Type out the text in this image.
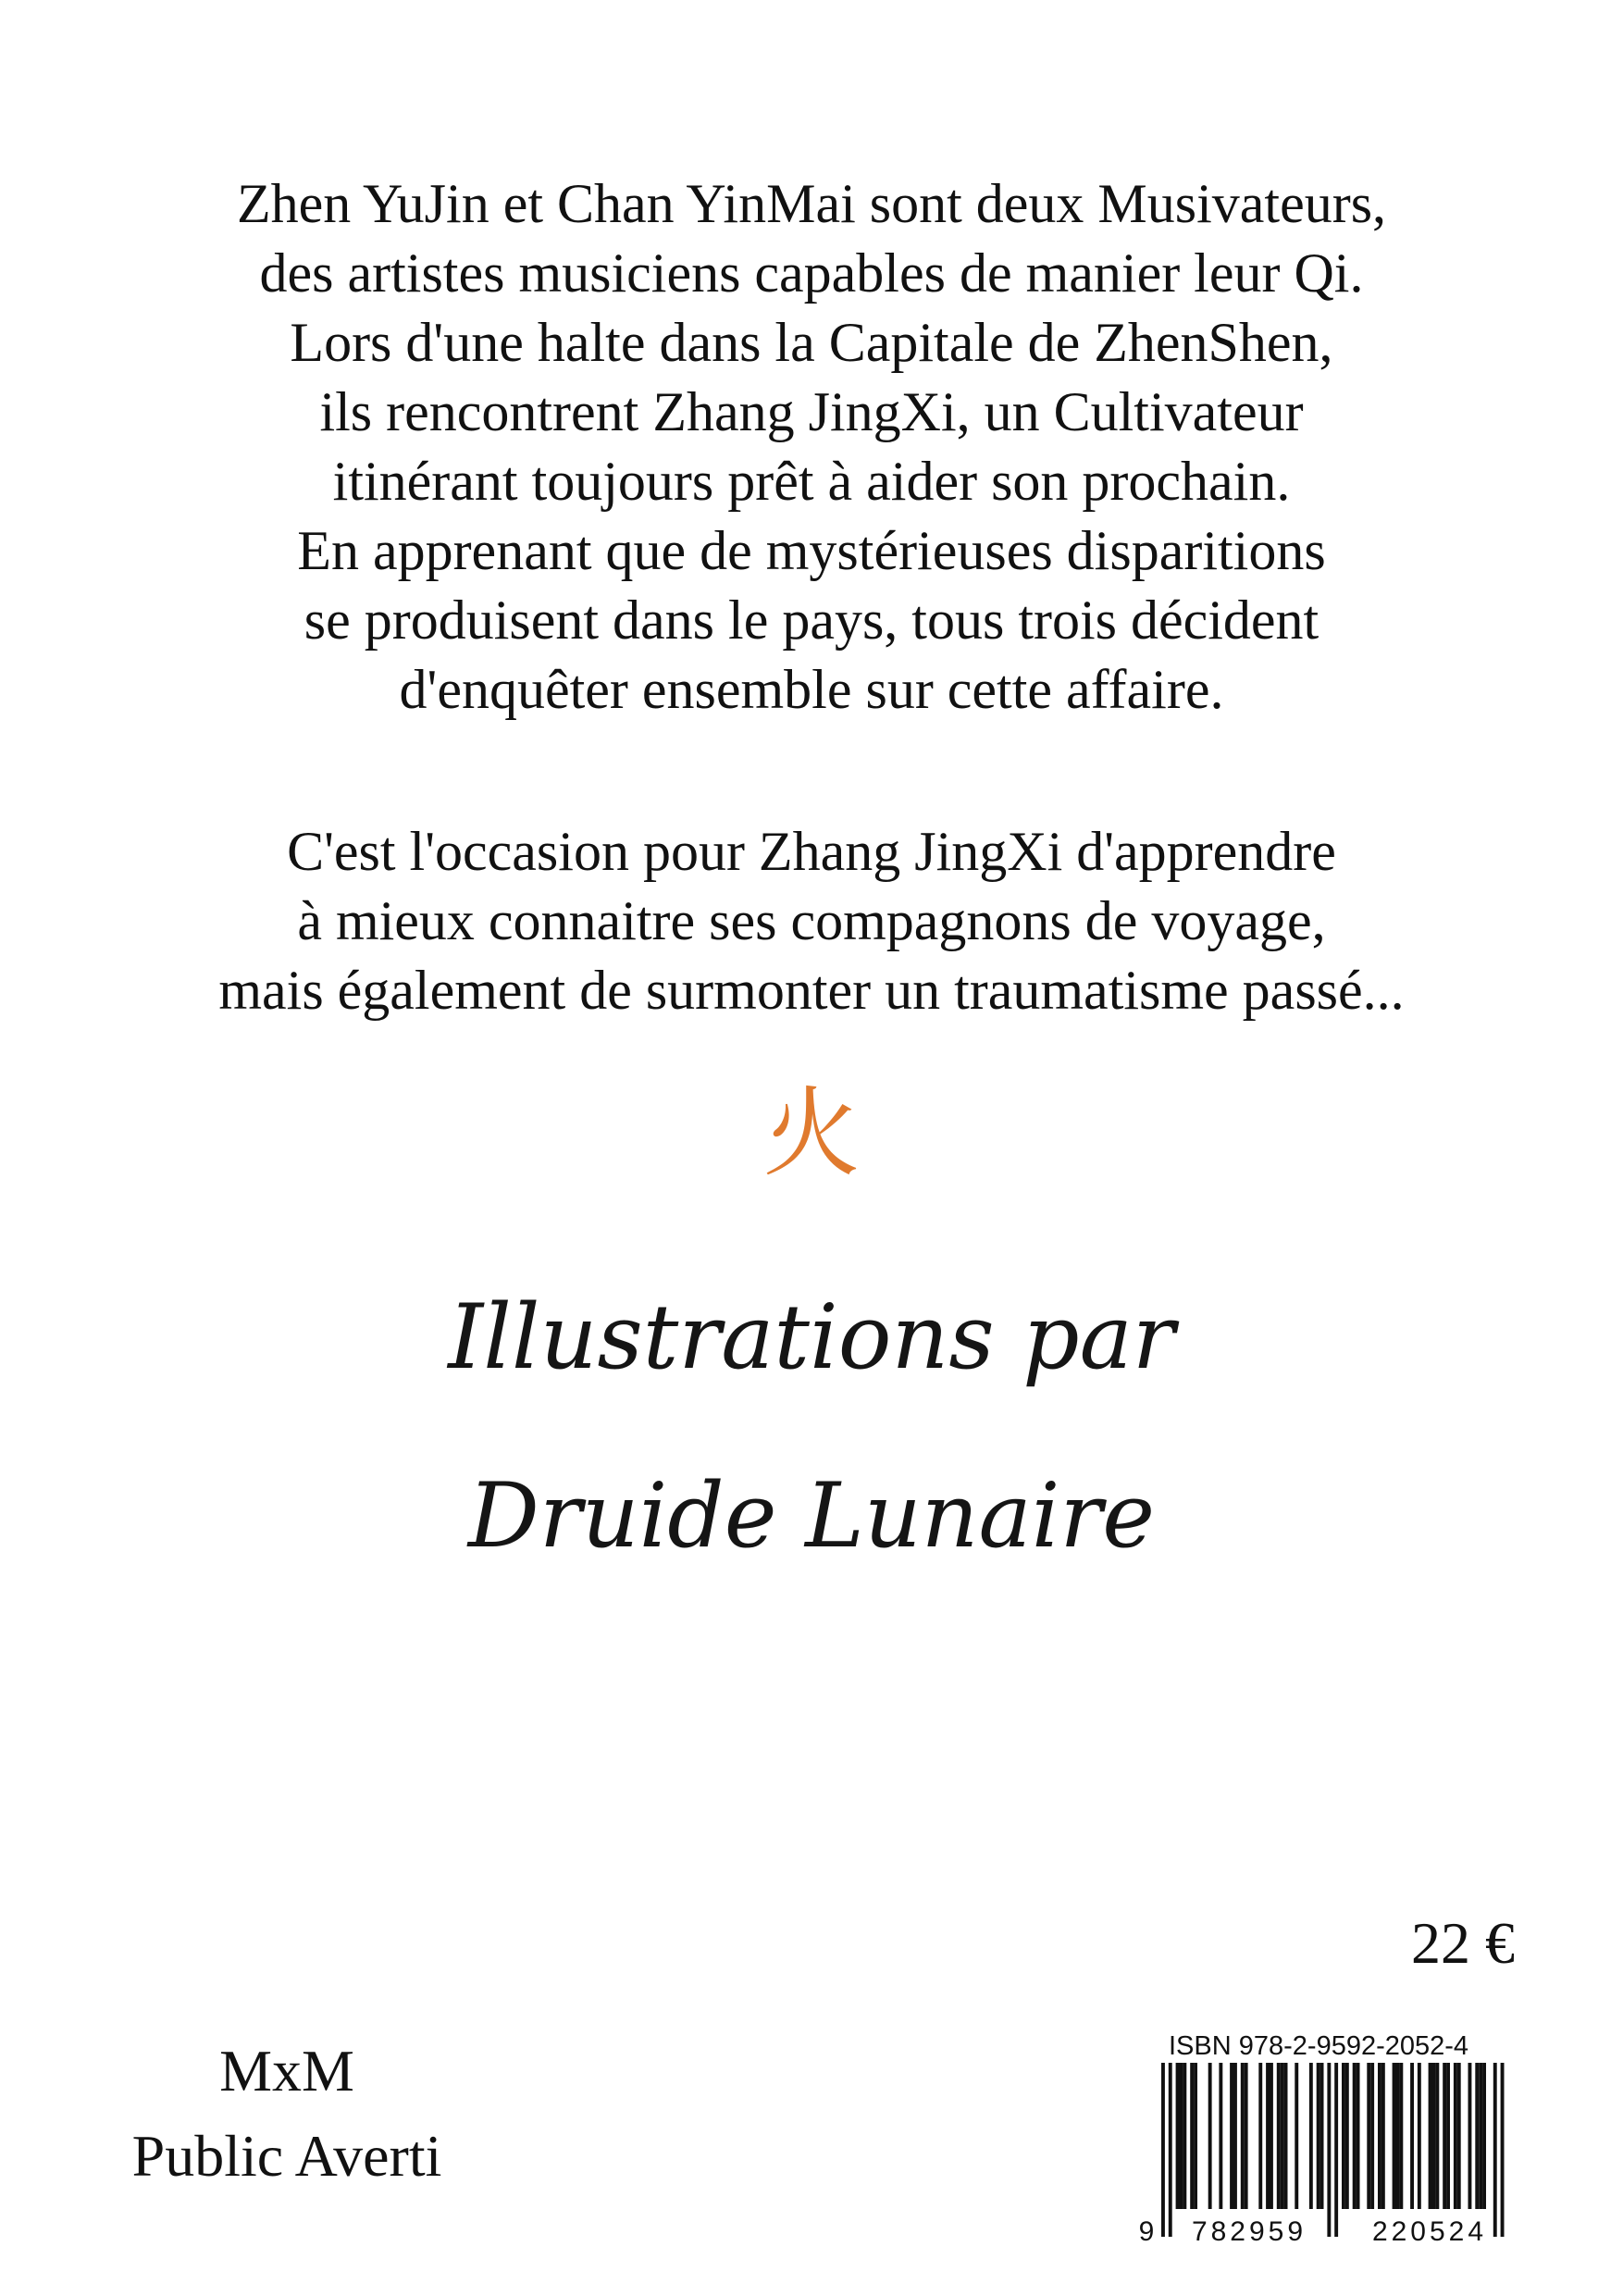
Zhen YuJin et Chan YinMai sont deux Musivateurs,
des artistes musiciens capables de manier leur Qi.
Lors d'une halte dans la Capitale de ZhenShen,
ils rencontrent Zhang JingXi, un Cultivateur
itinérant toujours prêt à aider son prochain.
En apprenant que de mystérieuses disparitions
se produisent dans le pays, tous trois décident
d'enquêter ensemble sur cette affaire.
C'est l'occasion pour Zhang JingXi d'apprendre
à mieux connaitre ses compagnons de voyage,
mais également de surmonter un traumatisme passé...
火
Illustrations par
Druide Lunaire
22 €
MxM
Public Averti
ISBN 978-2-9592-2052-4
9 782959 220524
